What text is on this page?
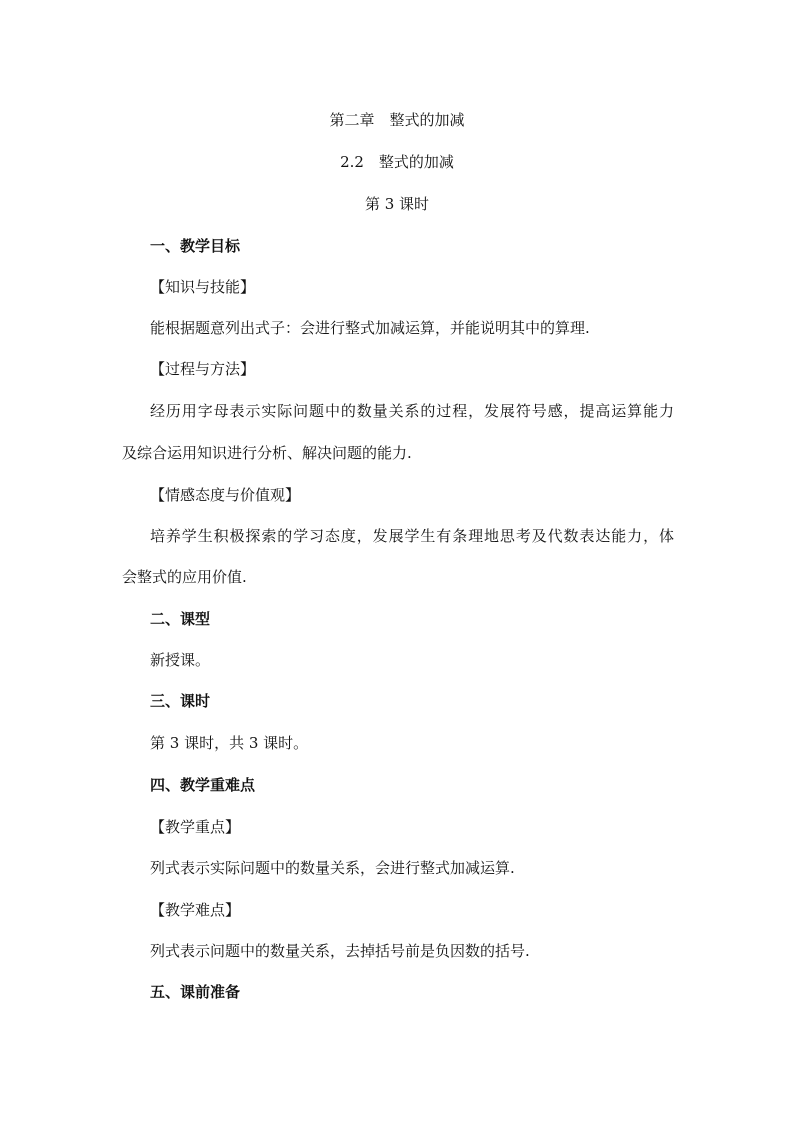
第二章　整式的加减
2.2　整式的加减
第 3 课时
一、教学目标
【知识与技能】
能根据题意列出式子：会进行整式加减运算，并能说明其中的算理.
【过程与方法】
经历用字母表示实际问题中的数量关系的过程，发展符号感，提高运算能力
及综合运用知识进行分析、解决问题的能力.
【情感态度与价值观】
培养学生积极探索的学习态度，发展学生有条理地思考及代数表达能力，体
会整式的应用价值.
二、课型
新授课。
三、课时
第 3 课时，共 3 课时。
四、教学重难点
【教学重点】
列式表示实际问题中的数量关系，会进行整式加减运算.
【教学难点】
列式表示问题中的数量关系，去掉括号前是负因数的括号.
五、课前准备
